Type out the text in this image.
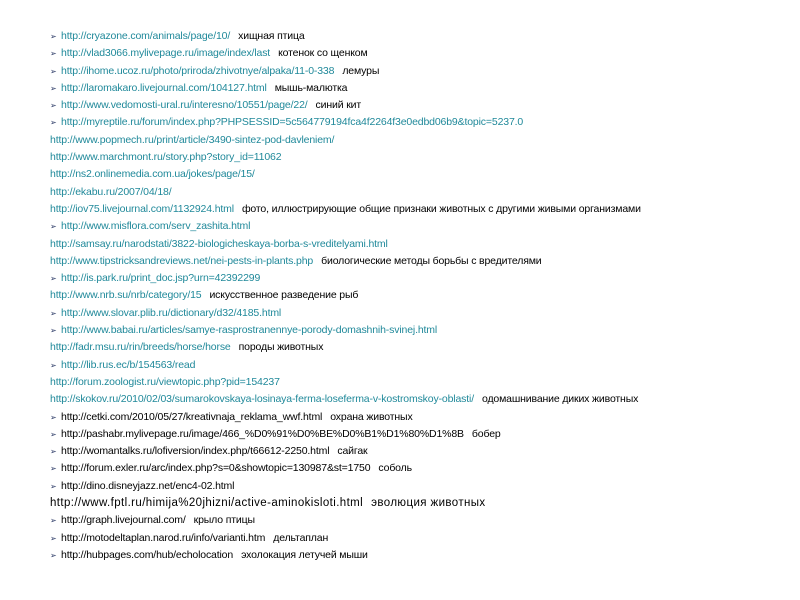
➢ http://cryazone.com/animals/page/10/ хищная птица
➢ http://vlad3066.mylivepage.ru/image/index/last котенок со щенком
➢ http://ihome.ucoz.ru/photo/priroda/zhivotnye/alpaka/11-0-338 лемуры
➢ http://laromakaro.livejournal.com/104127.html мышь-малютка
➢ http://www.vedomosti-ural.ru/interesno/10551/page/22/ синий кит
➢ http://myreptile.ru/forum/index.php?PHPSESSID=5c564779194fca4f2264f3e0edbd06b9&topic=5237.0
http://www.popmech.ru/print/article/3490-sintez-pod-davleniem/
http://www.marchmont.ru/story.php?story_id=11062
http://ns2.onlinemedia.com.ua/jokes/page/15/
http://ekabu.ru/2007/04/18/
http://iov75.livejournal.com/1132924.html фото, иллюстрирующие общие признаки животных с другими живыми организмами
➢ http://www.misflora.com/serv_zashita.html
http://samsay.ru/narodstati/3822-biologicheskaya-borba-s-vreditelyami.html
http://www.tipstricksandreviews.net/nei-pests-in-plants.php биологические методы борьбы с вредителями
➢ http://is.park.ru/print_doc.jsp?urn=42392299
http://www.nrb.su/nrb/category/15 искусственное разведение рыб
➢ http://www.slovar.plib.ru/dictionary/d32/4185.html
➢ http://www.babai.ru/articles/samye-rasprostranennye-porody-domashnih-svinej.html
http://fadr.msu.ru/rin/breeds/horse/horse породы животных
➢ http://lib.rus.ec/b/154563/read
http://forum.zoologist.ru/viewtopic.php?pid=154237
http://skokov.ru/2010/02/03/sumarokovskaya-losinaya-ferma-loseferma-v-kostromskoy-oblasti/ одомашнивание диких животных
➢ http://cetki.com/2010/05/27/kreativnaja_reklama_wwf.html охрана животных
➢ http://pashabr.mylivepage.ru/image/466_%D0%91%D0%BE%D0%B1%D1%80%D1%8B бобер
➢ http://womantalks.ru/lofiversion/index.php/t66612-2250.html сайгак
➢ http://forum.exler.ru/arc/index.php?s=0&showtopic=130987&st=1750 соболь
➢ http://dino.disneyjazz.net/enc4-02.html
http://www.fptl.ru/himija%20jhizni/active-aminokisloti.html эволюция животных
➢ http://graph.livejournal.com/ крыло птицы
➢ http://motodeltaplan.narod.ru/info/varianti.htm дельтаплан
➢ http://hubpages.com/hub/echolocation эхолокация летучей мыши
